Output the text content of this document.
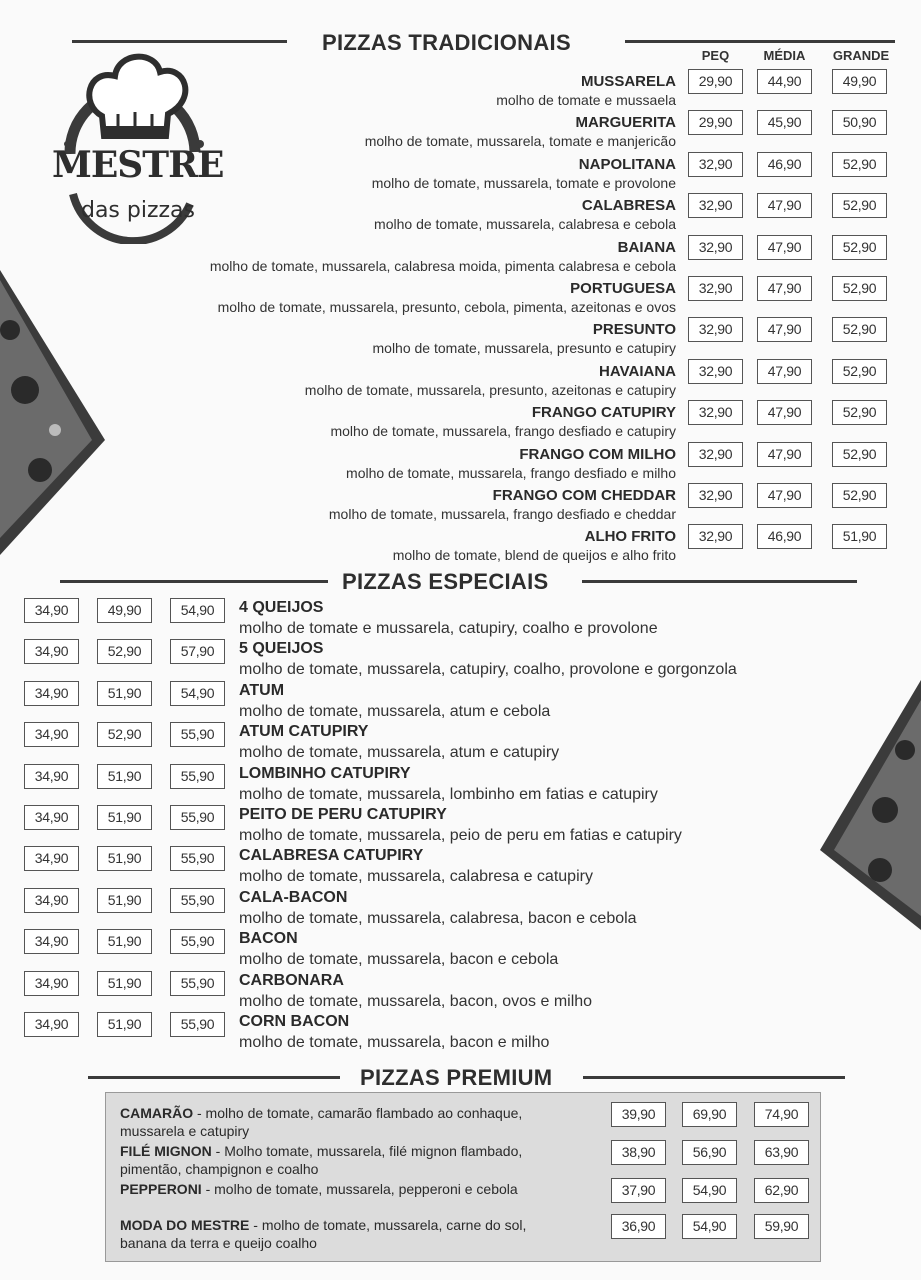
MESTRE
das pizzas
PIZZAS TRADICIONAIS
PEQ	MÉDIA	GRANDE
MUSSARELA
molho de tomate e mussaela
29,90	44,90	49,90
MARGUERITA
molho de tomate, mussarela, tomate e manjericão
29,90	45,90	50,90
NAPOLITANA
molho de tomate, mussarela, tomate e provolone
32,90	46,90	52,90
CALABRESA
molho de tomate, mussarela, calabresa e cebola
32,90	47,90	52,90
BAIANA
molho de tomate, mussarela, calabresa moida, pimenta calabresa e cebola
32,90	47,90	52,90
PORTUGUESA
molho de tomate, mussarela, presunto, cebola, pimenta, azeitonas e ovos
32,90	47,90	52,90
PRESUNTO
molho de tomate, mussarela, presunto e catupiry
32,90	47,90	52,90
HAVAIANA
molho de tomate, mussarela, presunto, azeitonas e catupiry
32,90	47,90	52,90
FRANGO CATUPIRY
molho de tomate, mussarela, frango desfiado e catupiry
32,90	47,90	52,90
FRANGO COM MILHO
molho de tomate, mussarela, frango desfiado e milho
32,90	47,90	52,90
FRANGO COM CHEDDAR
molho de tomate, mussarela, frango desfiado e cheddar
32,90	47,90	52,90
ALHO FRITO
molho de tomate, blend de queijos e alho frito
32,90	46,90	51,90
PIZZAS ESPECIAIS
34,90	49,90	54,90	4 QUEIJOS
molho de tomate e mussarela, catupiry, coalho e provolone
34,90	52,90	57,90	5 QUEIJOS
molho de tomate, mussarela, catupiry, coalho, provolone e gorgonzola
34,90	51,90	54,90	ATUM
molho de tomate, mussarela, atum e cebola
34,90	52,90	55,90	ATUM CATUPIRY
molho de tomate, mussarela, atum e catupiry
34,90	51,90	55,90	LOMBINHO CATUPIRY
molho de tomate, mussarela, lombinho em fatias e catupiry
34,90	51,90	55,90	PEITO DE PERU CATUPIRY
molho de tomate, mussarela, peio de peru em fatias e catupiry
34,90	51,90	55,90	CALABRESA CATUPIRY
molho de tomate, mussarela, calabresa e catupiry
34,90	51,90	55,90	CALA-BACON
molho de tomate, mussarela, calabresa, bacon e cebola
34,90	51,90	55,90	BACON
molho de tomate, mussarela, bacon e cebola
34,90	51,90	55,90	CARBONARA
molho de tomate, mussarela, bacon, ovos e milho
34,90	51,90	55,90	CORN BACON
molho de tomate, mussarela, bacon e milho
PIZZAS PREMIUM
CAMARÃO - molho de tomate, camarão flambado ao conhaque,
mussarela e catupiry
39,90	69,90	74,90
FILÉ MIGNON - Molho tomate, mussarela, filé mignon flambado,
pimentão, champignon e coalho
38,90	56,90	63,90
PEPPERONI - molho de tomate, mussarela, pepperoni e cebola	37,90	54,90	62,90
MODA DO MESTRE - molho de tomate, mussarela, carne do sol,
banana da terra e queijo coalho
36,90	54,90	59,90
